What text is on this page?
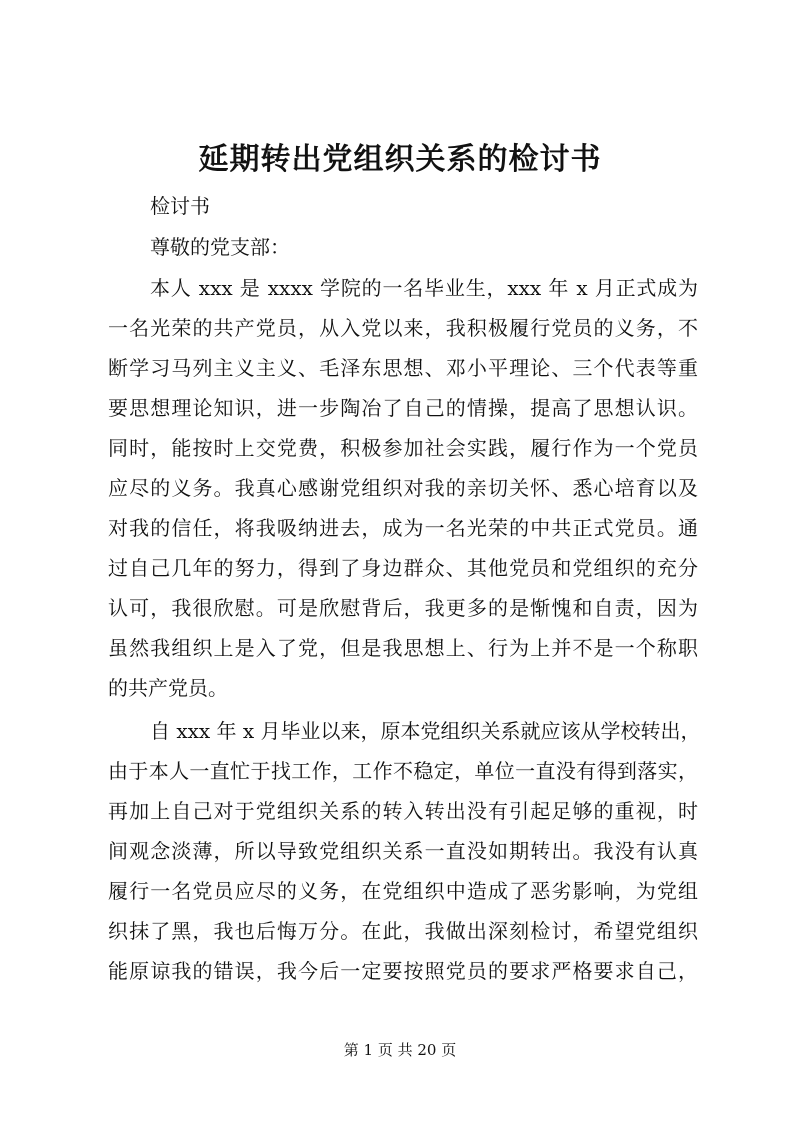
延期转出党组织关系的检讨书
检讨书
尊敬的党支部：
本人 xxx 是 xxxx 学院的一名毕业生，xxx 年 x 月正式成为
一名光荣的共产党员，从入党以来，我积极履行党员的义务，不
断学习马列主义主义、毛泽东思想、邓小平理论、三个代表等重
要思想理论知识，进一步陶冶了自己的情操，提高了思想认识。
同时，能按时上交党费，积极参加社会实践，履行作为一个党员
应尽的义务。我真心感谢党组织对我的亲切关怀、悉心培育以及
对我的信任，将我吸纳进去，成为一名光荣的中共正式党员。通
过自己几年的努力，得到了身边群众、其他党员和党组织的充分
认可，我很欣慰。可是欣慰背后，我更多的是惭愧和自责，因为
虽然我组织上是入了党，但是我思想上、行为上并不是一个称职
的共产党员。
自 xxx 年 x 月毕业以来，原本党组织关系就应该从学校转出，
由于本人一直忙于找工作，工作不稳定，单位一直没有得到落实，
再加上自己对于党组织关系的转入转出没有引起足够的重视，时
间观念淡薄，所以导致党组织关系一直没如期转出。我没有认真
履行一名党员应尽的义务，在党组织中造成了恶劣影响，为党组
织抹了黑，我也后悔万分。在此，我做出深刻检讨，希望党组织
能原谅我的错误，我今后一定要按照党员的要求严格要求自己，
第 1 页 共 20 页
